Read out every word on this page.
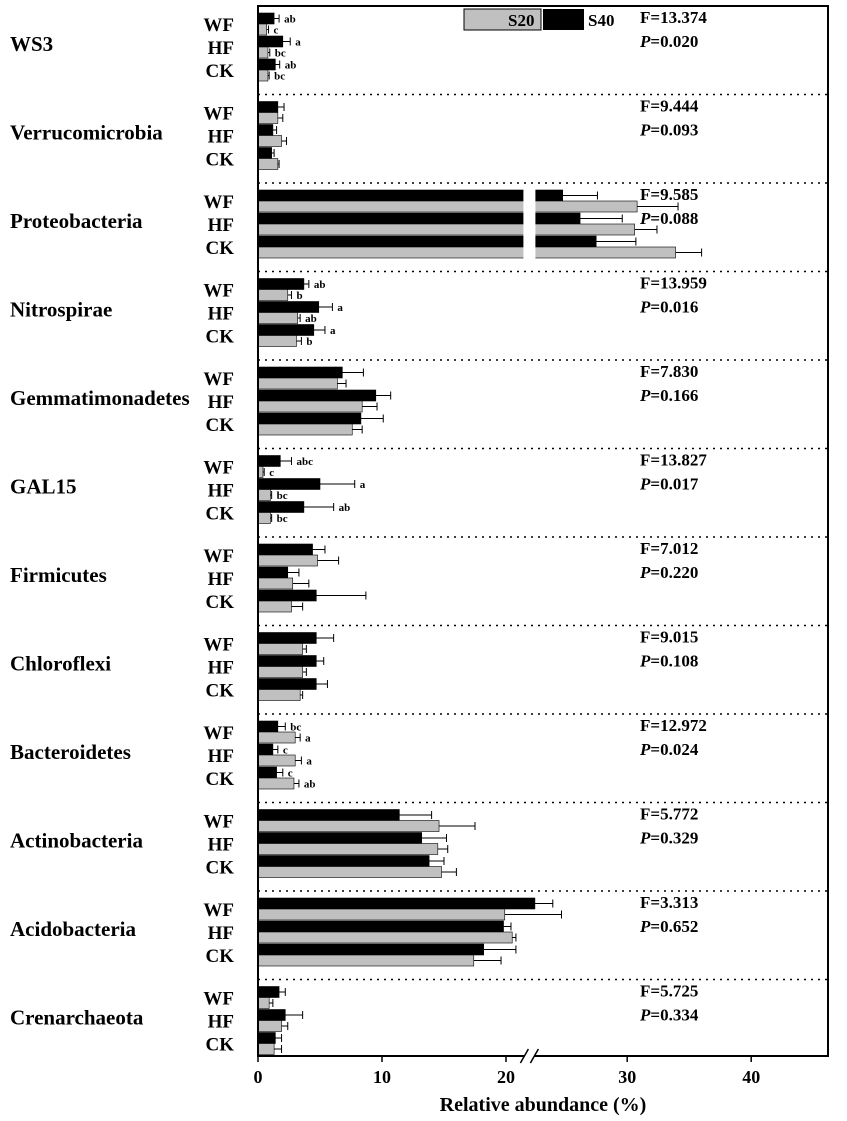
WS3
WF	ab
c
HF	a
bc
CK	ab
bc
F=13.374
P=0.020
Verrucomicrobia
WF
HF
CK
F=9.444
P=0.093
Proteobacteria
WF
HF
CK
F=9.585
P=0.088
Nitrospirae
WF	ab
b
HF	a
ab
CK	a
b
F=13.959
P=0.016
Gemmatimonadetes
WF
HF
CK
F=7.830
P=0.166
GAL15
WF	abc
c
HF	a
bc
CK	ab
bc
F=13.827
P=0.017
Firmicutes
WF
HF
CK
F=7.012
P=0.220
Chloroflexi
WF
HF
CK
F=9.015
P=0.108
Bacteroidetes
WF	bc
a
HF	c
a
CK	c
ab
F=12.972
P=0.024
Actinobacteria
WF
HF
CK
F=5.772
P=0.329
Acidobacteria
WF
HF
CK
F=3.313
P=0.652
Crenarchaeota
WF
HF
CK
F=5.725
P=0.334
S20	S40
0	10	20	30	40
Relative abundance (%)
